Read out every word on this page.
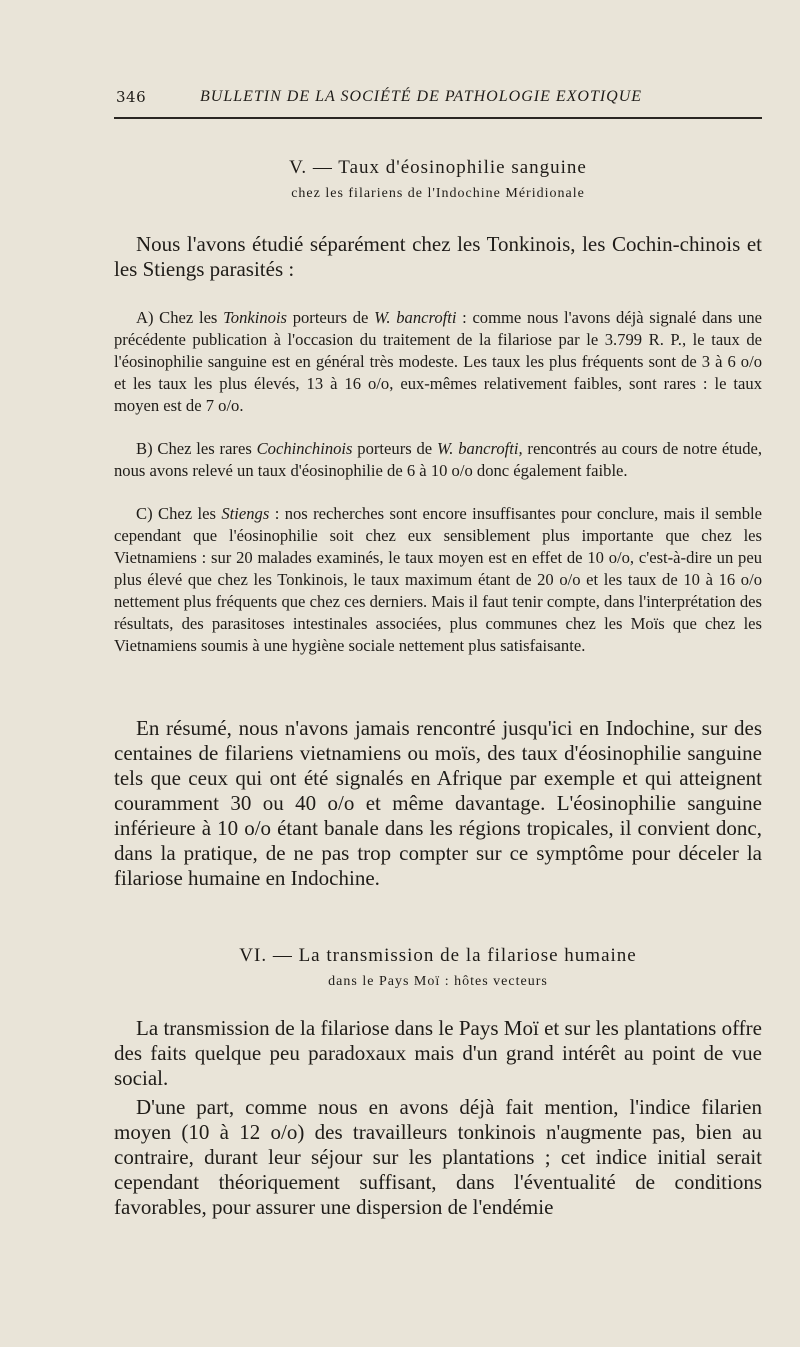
346	BULLETIN DE LA SOCIÉTÉ DE PATHOLOGIE EXOTIQUE
V. — Taux d'éosinophilie sanguine
chez les filariens de l'Indochine Méridionale

Nous l'avons étudié séparément chez les Tonkinois, les Cochin-chinois et les Stiengs parasités :

A) Chez les Tonkinois porteurs de W. bancrofti : comme nous l'avons déjà signalé dans une précédente publication à l'occasion du traitement de la filariose par le 3.799 R. P., le taux de l'éosinophilie sanguine est en général très modeste. Les taux les plus fréquents sont de 3 à 6 o/o et les taux les plus élevés, 13 à 16 o/o, eux-mêmes relativement faibles, sont rares : le taux moyen est de 7 o/o.

B) Chez les rares Cochinchinois porteurs de W. bancrofti, rencontrés au cours de notre étude, nous avons relevé un taux d'éosinophilie de 6 à 10 o/o donc également faible.

C) Chez les Stiengs : nos recherches sont encore insuffisantes pour conclure, mais il semble cependant que l'éosinophilie soit chez eux sensiblement plus importante que chez les Vietnamiens : sur 20 malades examinés, le taux moyen est en effet de 10 o/o, c'est-à-dire un peu plus élevé que chez les Tonkinois, le taux maximum étant de 20 o/o et les taux de 10 à 16 o/o nettement plus fréquents que chez ces derniers. Mais il faut tenir compte, dans l'interprétation des résultats, des parasitoses intestinales associées, plus communes chez les Moïs que chez les Vietnamiens soumis à une hygiène sociale nettement plus satisfaisante.

En résumé, nous n'avons jamais rencontré jusqu'ici en Indochine, sur des centaines de filariens vietnamiens ou moïs, des taux d'éosinophilie sanguine tels que ceux qui ont été signalés en Afrique par exemple et qui atteignent couramment 30 ou 40 o/o et même davantage. L'éosinophilie sanguine inférieure à 10 o/o étant banale dans les régions tropicales, il convient donc, dans la pratique, de ne pas trop compter sur ce symptôme pour déceler la filariose humaine en Indochine.

VI. — La transmission de la filariose humaine
dans le Pays Moï : hôtes vecteurs

La transmission de la filariose dans le Pays Moï et sur les plantations offre des faits quelque peu paradoxaux mais d'un grand intérêt au point de vue social.

D'une part, comme nous en avons déjà fait mention, l'indice filarien moyen (10 à 12 o/o) des travailleurs tonkinois n'augmente pas, bien au contraire, durant leur séjour sur les plantations ; cet indice initial serait cependant théoriquement suffisant, dans l'éventualité de conditions favorables, pour assurer une dispersion de l'endémie
